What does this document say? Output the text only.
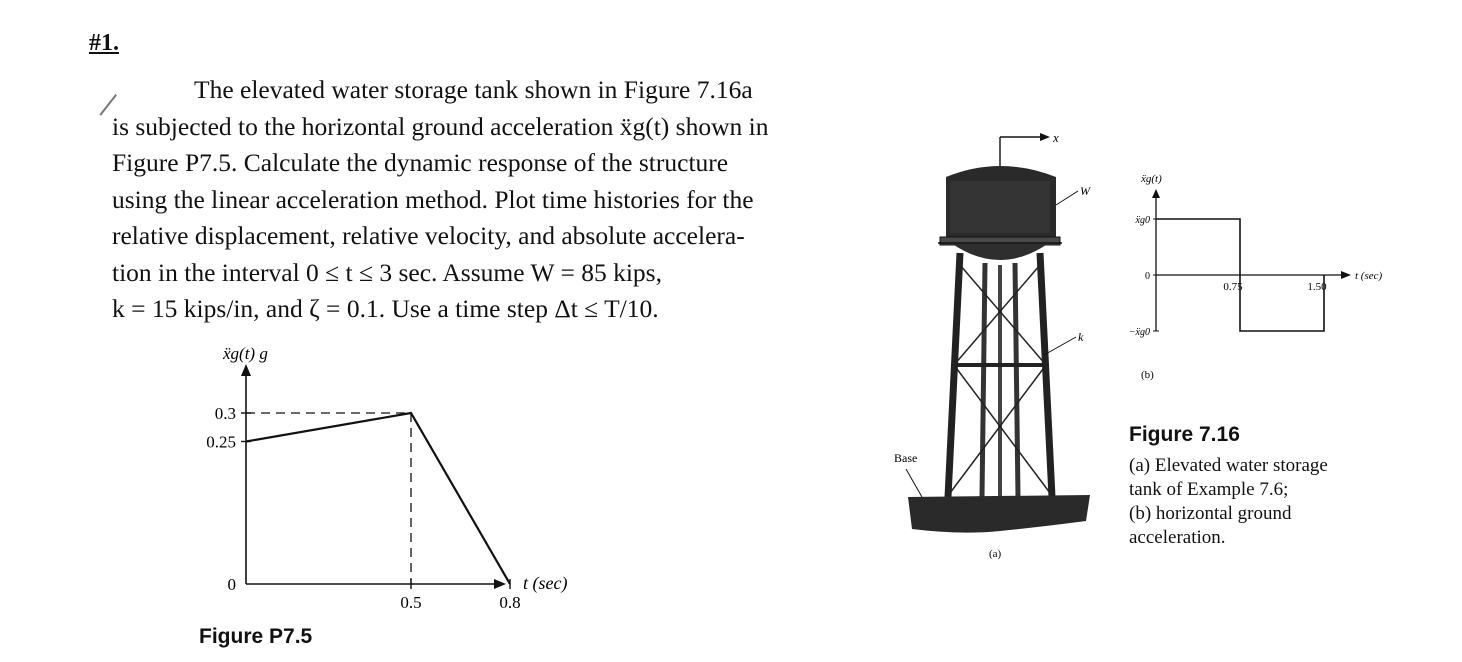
#1.
The elevated water storage tank shown in Figure 7.16a
is subjected to the horizontal ground acceleration ẍg(t) shown in
Figure P7.5. Calculate the dynamic response of the structure
using the linear acceleration method. Plot time histories for the
relative displacement, relative velocity, and absolute accelera-
tion in the interval 0 ≤ t ≤ 3 sec. Assume W = 85 kips,
k = 15 kips/in, and ζ = 0.1. Use a time step Δt ≤ T/10.
ẍg(t) g
t (sec)
0
0.25
0.3
0.5	0.8
Figure P7.5
x
W
k
Base
(a)
ẍg(t)
t (sec)
ẍg0
0
−ẍg0
0.75	1.50
(b)
Figure 7.16
(a) Elevated water storage
tank of Example 7.6;
(b) horizontal ground
acceleration.
